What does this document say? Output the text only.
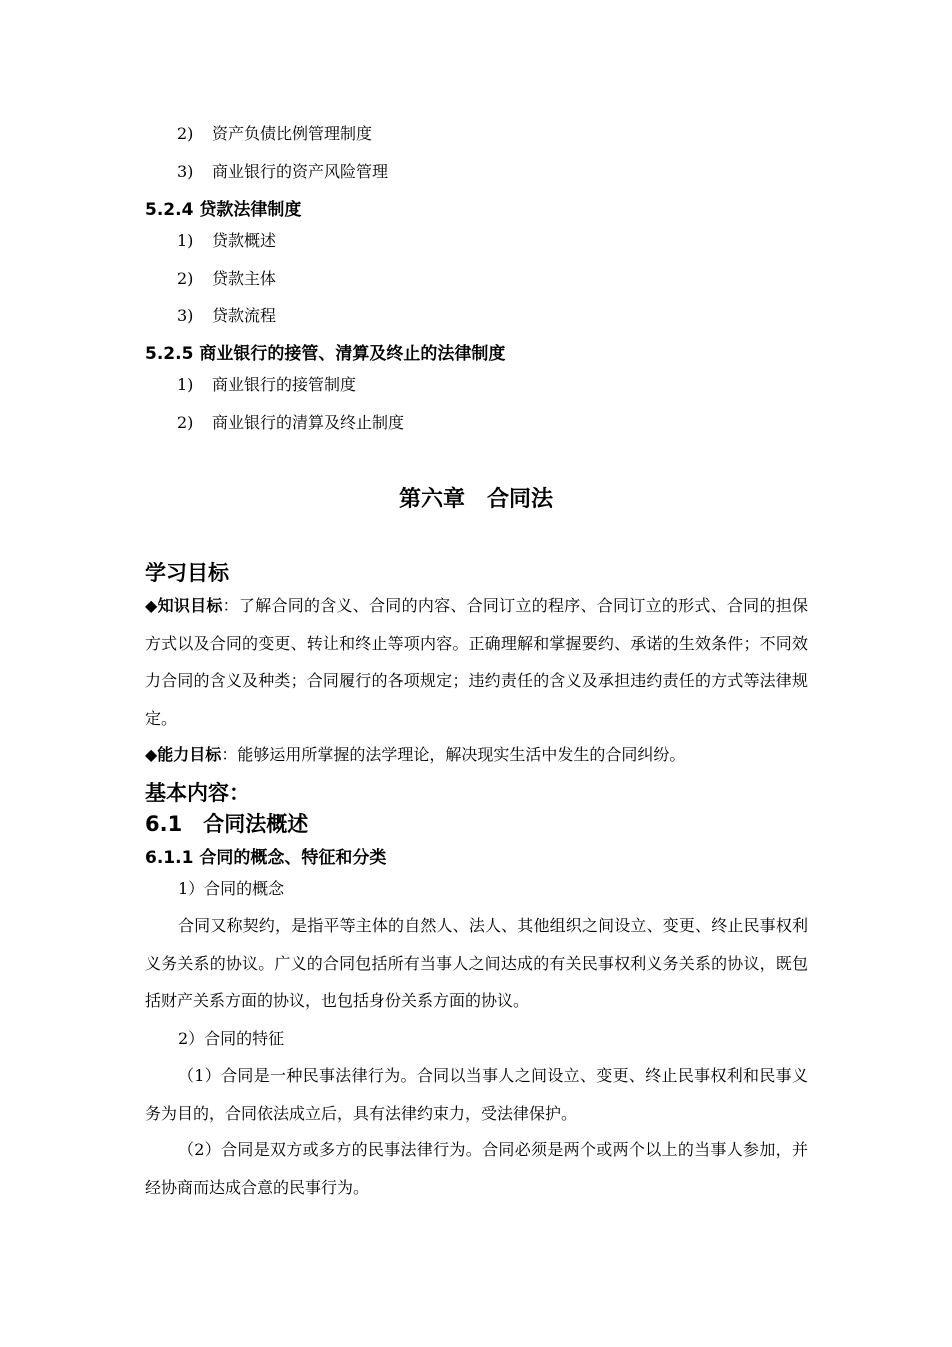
2) 资产负债比例管理制度
3) 商业银行的资产风险管理
5.2.4 贷款法律制度
1) 贷款概述
2) 贷款主体
3) 贷款流程
5.2.5 商业银行的接管、清算及终止的法律制度
1) 商业银行的接管制度
2) 商业银行的清算及终止制度
第六章　合同法
学习目标
◆知识目标：了解合同的含义、合同的内容、合同订立的程序、合同订立的形式、合同的担保方式以及合同的变更、转让和终止等项内容。正确理解和掌握要约、承诺的生效条件；不同效力合同的含义及种类；合同履行的各项规定；违约责任的含义及承担违约责任的方式等法律规定。
◆能力目标：能够运用所掌握的法学理论，解决现实生活中发生的合同纠纷。
基本内容：
6.1　合同法概述
6.1.1 合同的概念、特征和分类
1）合同的概念
合同又称契约，是指平等主体的自然人、法人、其他组织之间设立、变更、终止民事权利义务关系的协议。广义的合同包括所有当事人之间达成的有关民事权利义务关系的协议，既包括财产关系方面的协议，也包括身份关系方面的协议。
2）合同的特征
（1）合同是一种民事法律行为。合同以当事人之间设立、变更、终止民事权利和民事义务为目的，合同依法成立后，具有法律约束力，受法律保护。
（2）合同是双方或多方的民事法律行为。合同必须是两个或两个以上的当事人参加，并经协商而达成合意的民事行为。
